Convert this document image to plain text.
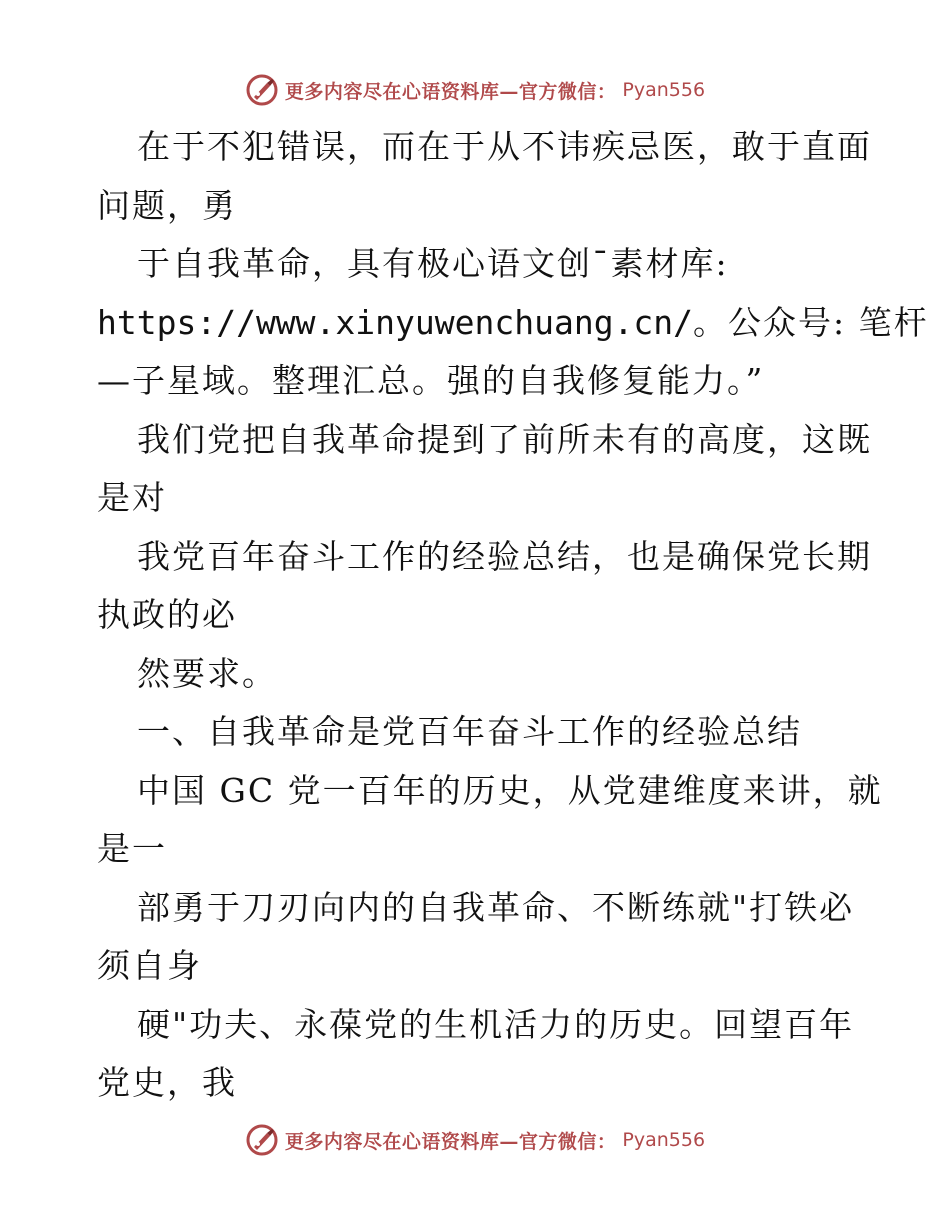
更多内容尽在心语资料库—官方微信： Pyan556
在于不犯错误，而在于从不讳疾忌医，敢于直面
问题，勇
于自我革命，具有极心语文创¯素材库:
https://www.xinyuwenchuang.cn/。公众号: 笔杆
—子星域。整理汇总。强的自我修复能力。”
我们党把自我革命提到了前所未有的高度，这既
是对
我党百年奋斗工作的经验总结，也是确保党长期
执政的必
然要求。
一、自我革命是党百年奋斗工作的经验总结
中国 GC 党一百年的历史，从党建维度来讲，就
是一
部勇于刀刃向内的自我革命、不断练就"打铁必
须自身
硬"功夫、永葆党的生机活力的历史。回望百年
党史，我
更多内容尽在心语资料库—官方微信： Pyan556
